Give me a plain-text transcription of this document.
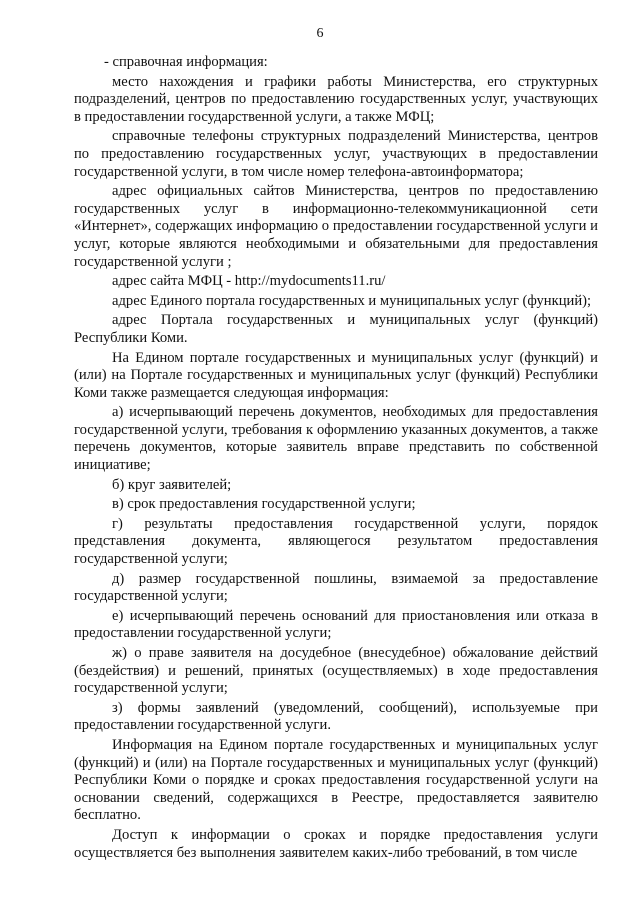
6

- справочная информация:

место нахождения и графики работы Министерства, его структурных подразделений, центров по предоставлению государственных услуг, участвующих в предоставлении государственной услуги, а также МФЦ;

справочные телефоны структурных подразделений Министерства, центров по предоставлению государственных услуг, участвующих в предоставлении государственной услуги, в том числе номер телефона-автоинформатора;

адрес официальных сайтов Министерства, центров по предоставлению государственных услуг в информационно-телекоммуникационной сети «Интернет», содержащих информацию о предоставлении государственной услуги и услуг, которые являются необходимыми и обязательными для предоставления государственной услуги ;

адрес сайта МФЦ - http://mydocuments11.ru/

адрес Единого портала государственных и муниципальных услуг (функций);

адрес Портала государственных и муниципальных услуг (функций) Республики Коми.

На Едином портале государственных и муниципальных услуг (функций) и (или) на Портале государственных и муниципальных услуг (функций) Республики Коми также размещается следующая информация:

а) исчерпывающий перечень документов, необходимых для предоставления государственной услуги, требования к оформлению указанных документов, а также перечень документов, которые заявитель вправе представить по собственной инициативе;

б) круг заявителей;

в) срок предоставления государственной услуги;

г) результаты предоставления государственной услуги, порядок представления документа, являющегося результатом предоставления государственной услуги;

д) размер государственной пошлины, взимаемой за предоставление государственной услуги;

е) исчерпывающий перечень оснований для приостановления или отказа в предоставлении государственной услуги;

ж) о праве заявителя на досудебное (внесудебное) обжалование действий (бездействия) и решений, принятых (осуществляемых) в ходе предоставления государственной услуги;

з) формы заявлений (уведомлений, сообщений), используемые при предоставлении государственной услуги.

Информация на Едином портале государственных и муниципальных услуг (функций) и (или) на Портале государственных и муниципальных услуг (функций) Республики Коми о порядке и сроках предоставления государственной услуги на основании сведений, содержащихся в Реестре, предоставляется заявителю бесплатно.

Доступ к информации о сроках и порядке предоставления услуги осуществляется без выполнения заявителем каких-либо требований, в том числе
